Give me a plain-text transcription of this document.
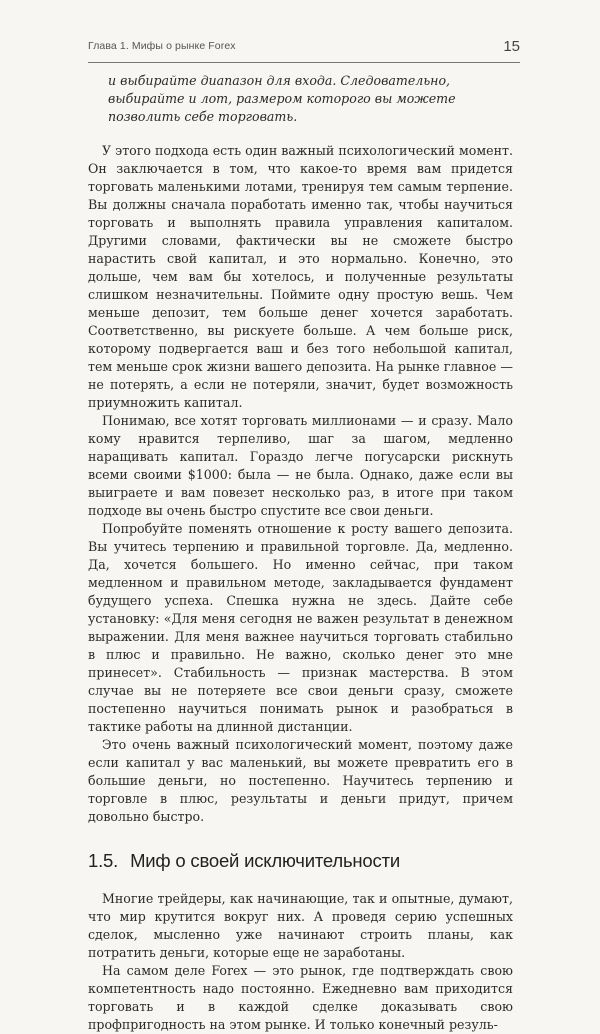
Глава 1. Мифы о рынке Forex	15

и выбирайте диапазон для входа. Следовательно, выбирайте и лот, размером которого вы можете позволить себе торговать.

У этого подхода есть один важный психологический момент. Он заключается в том, что какое-то время вам придется торговать маленькими лотами, тренируя тем самым терпение. Вы должны сначала поработать именно так, чтобы научиться торговать и выполнять правила управления капиталом. Другими словами, фактически вы не сможете быстро нарастить свой капитал, и это нормально. Конечно, это дольше, чем вам бы хотелось, и полученные результаты слишком незначительны. Поймите одну простую вешь. Чем меньше депозит, тем больше денег хочется заработать. Соответственно, вы рискуете больше. А чем больше риск, которому подвергается ваш и без того небольшой капитал, тем меньше срок жизни вашего депозита. На рынке главное — не потерять, а если не потеряли, значит, будет возможность приумножить капитал.

Понимаю, все хотят торговать миллионами — и сразу. Мало кому нравится терпеливо, шаг за шагом, медленно наращивать капитал. Гораздо легче погусарски рискнуть всеми своими $1000: была — не была. Однако, даже если вы выиграете и вам повезет несколько раз, в итоге при таком подходе вы очень быстро спустите все свои деньги.

Попробуйте поменять отношение к росту вашего депозита. Вы учитесь терпению и правильной торговле. Да, медленно. Да, хочется большего. Но именно сейчас, при таком медленном и правильном методе, закладывается фундамент будущего успеха. Спешка нужна не здесь. Дайте себе установку: «Для меня сегодня не важен результат в денежном выражении. Для меня важнее научиться торговать стабильно в плюс и правильно. Не важно, сколько денег это мне принесет». Стабильность — признак мастерства. В этом случае вы не потеряете все свои деньги сразу, сможете постепенно научиться понимать рынок и разобраться в тактике работы на длинной дистанции.

Это очень важный психологический момент, поэтому даже если капитал у вас маленький, вы можете превратить его в большие деньги, но постепенно. Научитесь терпению и торговле в плюс, результаты и деньги придут, причем довольно быстро.

1.5. Миф о своей исключительности

Многие трейдеры, как начинающие, так и опытные, думают, что мир крутится вокруг них. А проведя серию успешных сделок, мысленно уже начинают строить планы, как потратить деньги, которые еще не заработаны.

На самом деле Forex — это рынок, где подтверждать свою компетентность надо постоянно. Ежедневно вам приходится торговать и в каждой сделке доказывать свою профпригодность на этом рынке. И только конечный резуль-
